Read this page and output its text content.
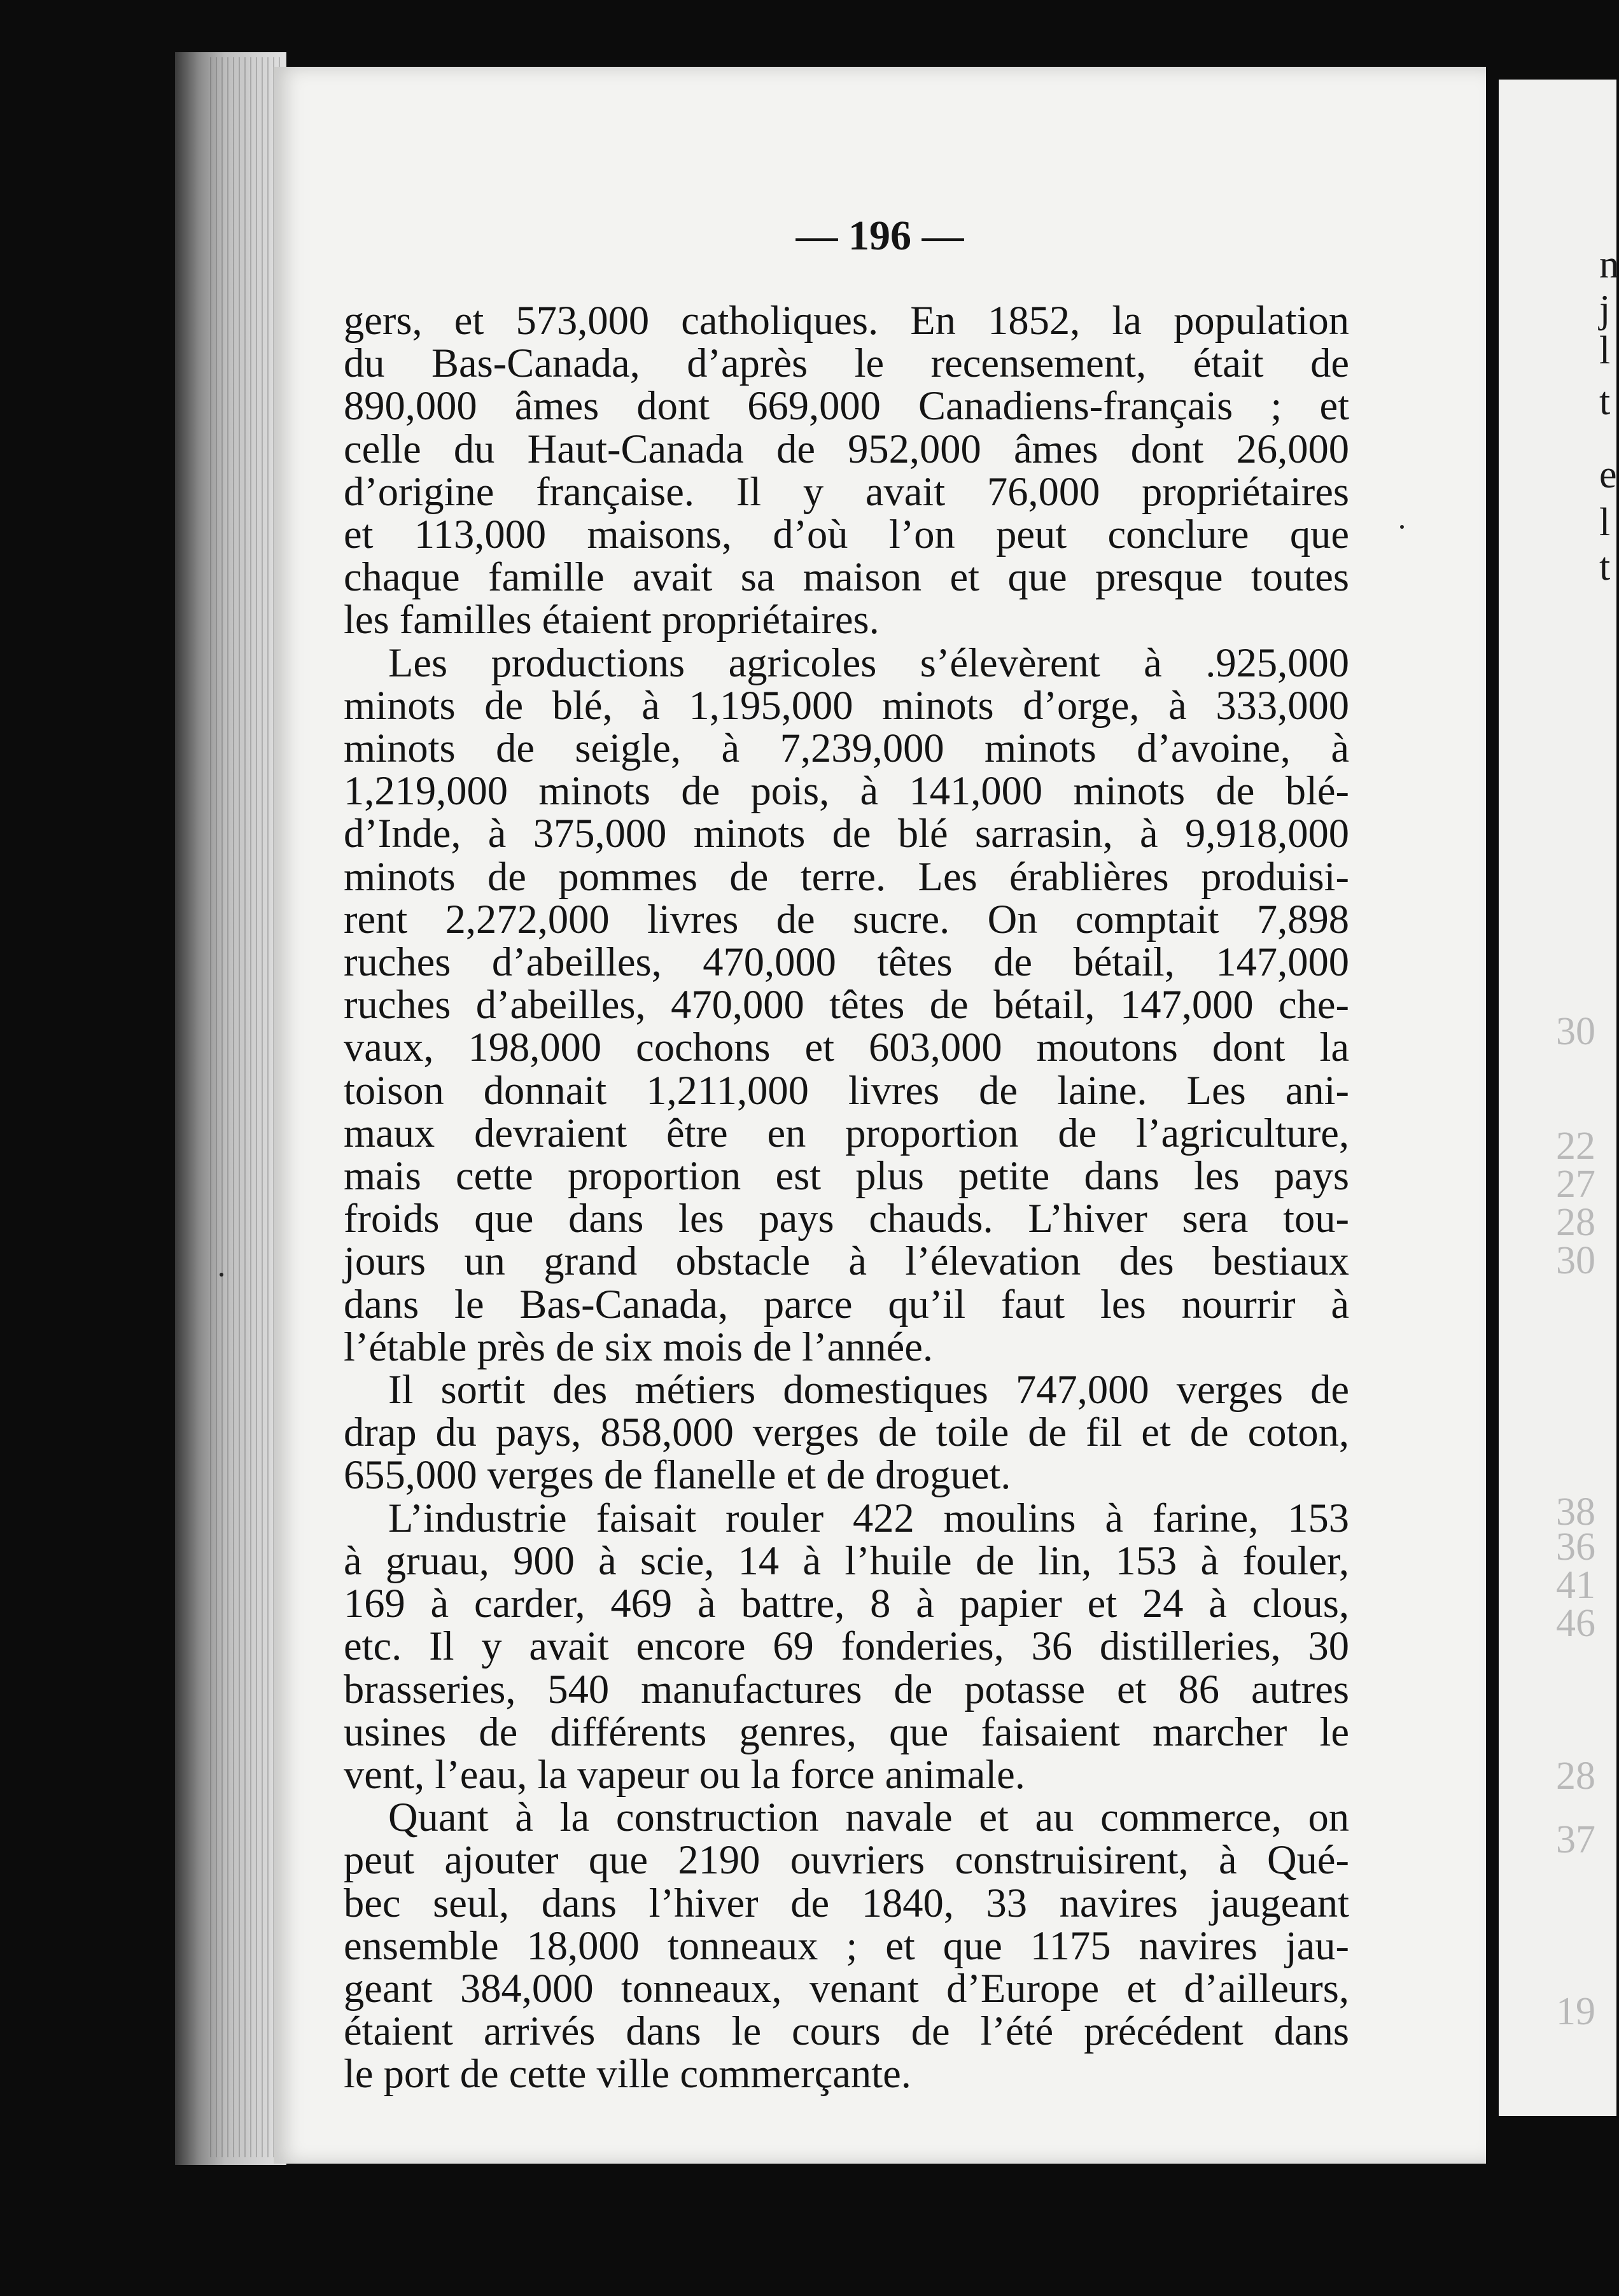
— 196 —
gers, et 573,000 catholiques. En 1852, la population
du Bas-Canada, d’après le recensement, était de
890,000 âmes dont 669,000 Canadiens-français ; et
celle du Haut-Canada de 952,000 âmes dont 26,000
d’origine française. Il y avait 76,000 propriétaires
et 113,000 maisons, d’où l’on peut conclure que
chaque famille avait sa maison et que presque toutes
les familles étaient propriétaires.
Les productions agricoles s’élevèrent à .925,000
minots de blé, à 1,195,000 minots d’orge, à 333,000
minots de seigle, à 7,239,000 minots d’avoine, à
1,219,000 minots de pois, à 141,000 minots de blé-
d’Inde, à 375,000 minots de blé sarrasin, à 9,918,000
minots de pommes de terre. Les érablières produisi-
rent 2,272,000 livres de sucre. On comptait 7,898
ruches d’abeilles, 470,000 têtes de bétail, 147,000
ruches d’abeilles, 470,000 têtes de bétail, 147,000 che-
vaux, 198,000 cochons et 603,000 moutons dont la
toison donnait 1,211,000 livres de laine. Les ani-
maux devraient être en proportion de l’agriculture,
mais cette proportion est plus petite dans les pays
froids que dans les pays chauds. L’hiver sera tou-
jours un grand obstacle à l’élevation des bestiaux
dans le Bas-Canada, parce qu’il faut les nourrir à
l’étable près de six mois de l’année.
Il sortit des métiers domestiques 747,000 verges de
drap du pays, 858,000 verges de toile de fil et de coton,
655,000 verges de flanelle et de droguet.
L’industrie faisait rouler 422 moulins à farine, 153
à gruau, 900 à scie, 14 à l’huile de lin, 153 à fouler,
169 à carder, 469 à battre, 8 à papier et 24 à clous,
etc. Il y avait encore 69 fonderies, 36 distilleries, 30
brasseries, 540 manufactures de potasse et 86 autres
usines de différents genres, que faisaient marcher le
vent, l’eau, la vapeur ou la force animale.
Quant à la construction navale et au commerce, on
peut ajouter que 2190 ouvriers construisirent, à Qué-
bec seul, dans l’hiver de 1840, 33 navires jaugeant
ensemble 18,000 tonneaux ; et que 1175 navires jau-
geant 384,000 tonneaux, venant d’Europe et d’ailleurs,
étaient arrivés dans le cours de l’été précédent dans
le port de cette ville commerçante.
n
j
l
t
e
l
t
30
22
27
28
30
38
36
41
46
28
37
19
